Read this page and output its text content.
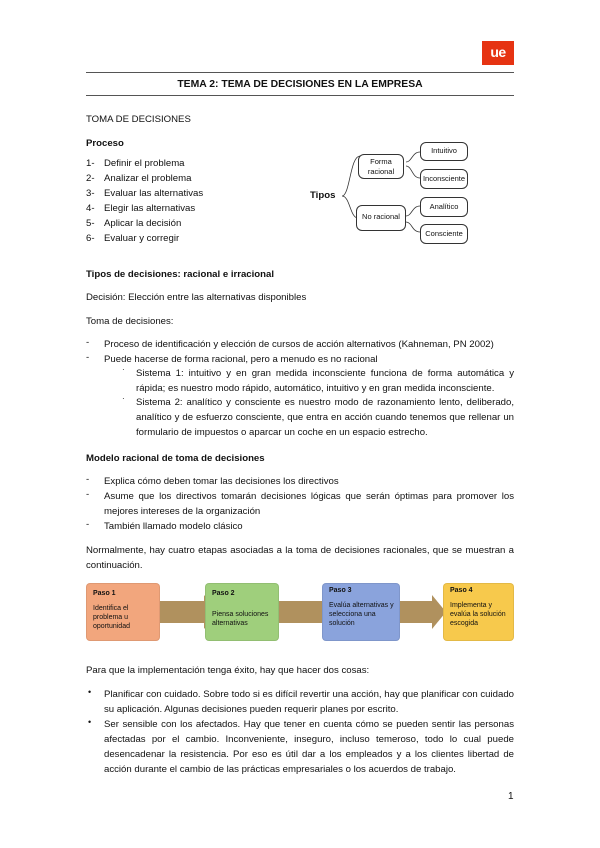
ue
TEMA 2: TEMA DE DECISIONES EN LA EMPRESA
TOMA DE DECISIONES
Proceso
1- Definir el problema
2- Analizar el problema
3- Evaluar las alternativas
4- Elegir las alternativas
5- Aplicar la decisión
6- Evaluar y corregir
Tipos
Forma racional
Intuitivo
Inconsciente
No racional
Analítico
Consciente
Tipos de decisiones: racional e irracional
Decisión: Elección entre las alternativas disponibles
Toma de decisiones:
- Proceso de identificación y elección de cursos de acción alternativos (Kahneman, PN 2002)
- Puede hacerse de forma racional, pero a menudo es no racional
· Sistema 1: intuitivo y en gran medida inconsciente funciona de forma automática y rápida; es nuestro modo rápido, automático, intuitivo y en gran medida inconsciente.
· Sistema 2: analítico y consciente es nuestro modo de razonamiento lento, deliberado, analítico y de esfuerzo consciente, que entra en acción cuando tenemos que rellenar un formulario de impuestos o aparcar un coche en un espacio estrecho.
Modelo racional de toma de decisiones
- Explica cómo deben tomar las decisiones los directivos
- Asume que los directivos tomarán decisiones lógicas que serán óptimas para promover los mejores intereses de la organización
- También llamado modelo clásico
Normalmente, hay cuatro etapas asociadas a la toma de decisiones racionales, que se muestran a continuación.
Paso 1
Identifica el problema u oportunidad
Paso 2
Piensa soluciones alternativas
Paso 3
Evalúa alternativas y selecciona una solución
Paso 4
Implementa y evalúa la solución escogida
Para que la implementación tenga éxito, hay que hacer dos cosas:
• Planificar con cuidado. Sobre todo si es difícil revertir una acción, hay que planificar con cuidado su aplicación. Algunas decisiones pueden requerir planes por escrito.
• Ser sensible con los afectados. Hay que tener en cuenta cómo se pueden sentir las personas afectadas por el cambio. Inconveniente, inseguro, incluso temeroso, todo lo cual puede desencadenar la resistencia. Por eso es útil dar a los empleados y a los clientes libertad de acción durante el cambio de las prácticas empresariales o los acuerdos de trabajo.
1
